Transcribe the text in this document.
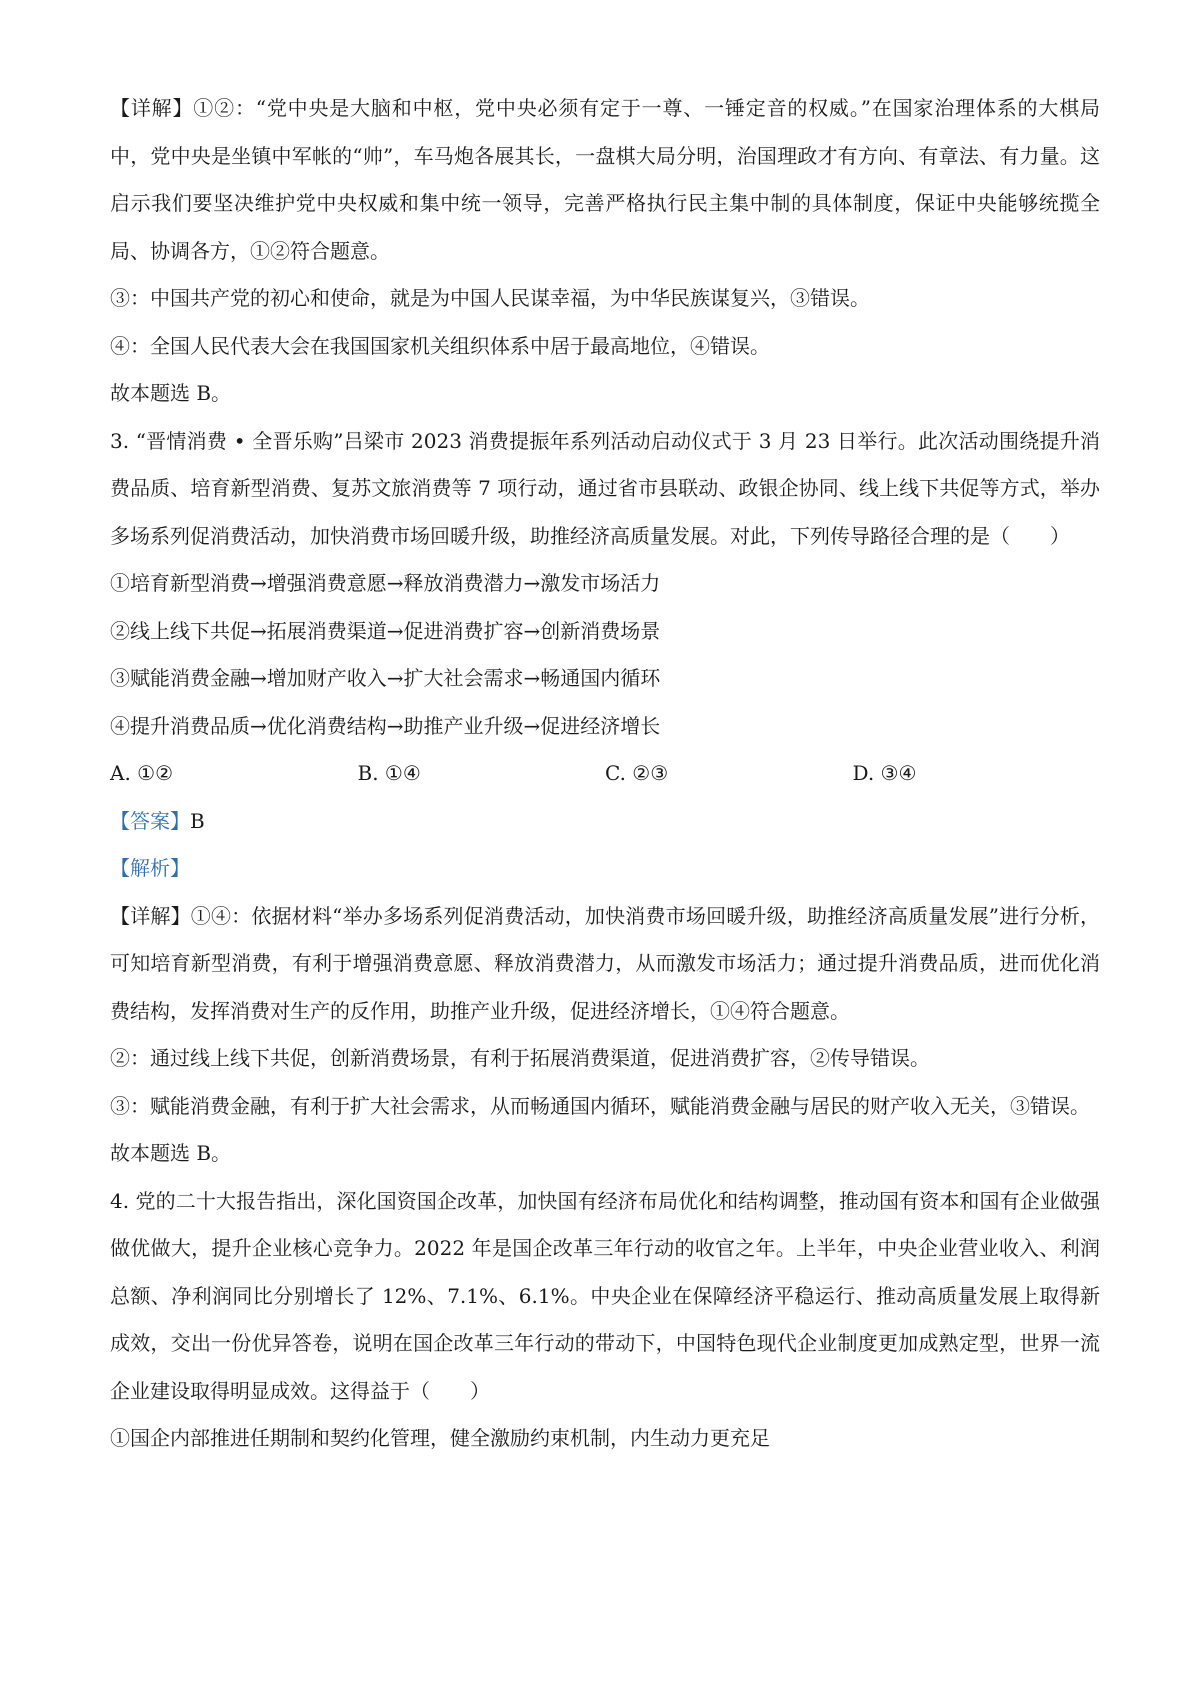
【详解】①②：“党中央是大脑和中枢，党中央必须有定于一尊、一锤定音的权威。”在国家治理体系的大棋局中，党中央是坐镇中军帐的“帅”，车马炮各展其长，一盘棋大局分明，治国理政才有方向、有章法、有力量。这启示我们要坚决维护党中央权威和集中统一领导，完善严格执行民主集中制的具体制度，保证中央能够统揽全局、协调各方，①②符合题意。

③：中国共产党的初心和使命，就是为中国人民谋幸福，为中华民族谋复兴，③错误。

④：全国人民代表大会在我国国家机关组织体系中居于最高地位，④错误。

故本题选 B。

3. “晋情消费 • 全晋乐购”吕梁市 2023 消费提振年系列活动启动仪式于 3 月 23 日举行。此次活动围绕提升消费品质、培育新型消费、复苏文旅消费等 7 项行动，通过省市县联动、政银企协同、线上线下共促等方式，举办多场系列促消费活动，加快消费市场回暖升级，助推经济高质量发展。对此，下列传导路径合理的是（　　）

①培育新型消费→增强消费意愿→释放消费潜力→激发市场活力

②线上线下共促→拓展消费渠道→促进消费扩容→创新消费场景

③赋能消费金融→增加财产收入→扩大社会需求→畅通国内循环

④提升消费品质→优化消费结构→助推产业升级→促进经济增长

A. ①②	B. ①④	C. ②③	D. ③④

【答案】B

【解析】

【详解】①④：依据材料“举办多场系列促消费活动，加快消费市场回暖升级，助推经济高质量发展”进行分析，可知培育新型消费，有利于增强消费意愿、释放消费潜力，从而激发市场活力；通过提升消费品质，进而优化消费结构，发挥消费对生产的反作用，助推产业升级，促进经济增长，①④符合题意。

②：通过线上线下共促，创新消费场景，有利于拓展消费渠道，促进消费扩容，②传导错误。

③：赋能消费金融，有利于扩大社会需求，从而畅通国内循环，赋能消费金融与居民的财产收入无关，③错误。

故本题选 B。

4. 党的二十大报告指出，深化国资国企改革，加快国有经济布局优化和结构调整，推动国有资本和国有企业做强做优做大，提升企业核心竞争力。2022 年是国企改革三年行动的收官之年。上半年，中央企业营业收入、利润总额、净利润同比分别增长了 12%、7.1%、6.1%。中央企业在保障经济平稳运行、推动高质量发展上取得新成效，交出一份优异答卷，说明在国企改革三年行动的带动下，中国特色现代企业制度更加成熟定型，世界一流企业建设取得明显成效。这得益于（　　）

①国企内部推进任期制和契约化管理，健全激励约束机制，内生动力更充足
